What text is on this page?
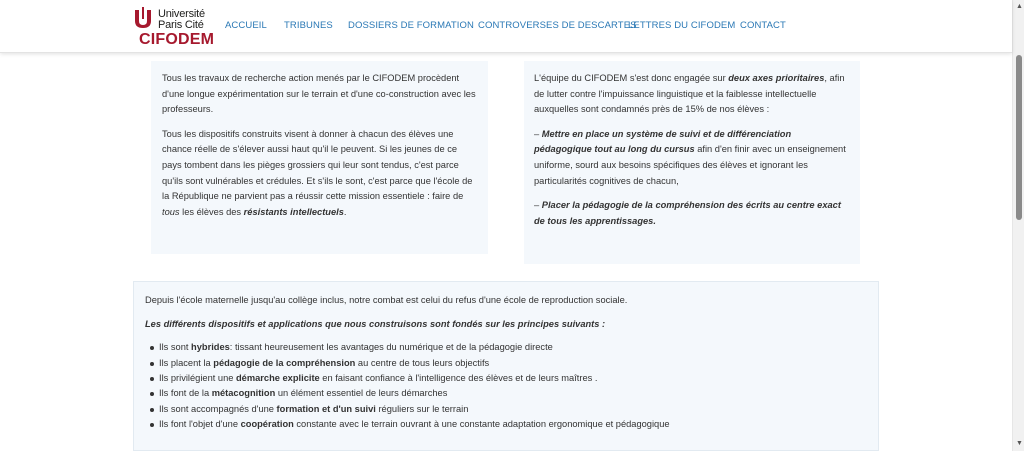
Université
Paris Cité
CIFODEM
ACCUEIL TRIBUNES DOSSIERS DE FORMATION CONTROVERSES DE DESCARTES
LETTRES DU CIFODEM CONTACT

Tous les travaux de recherche action menés par le CIFODEM procèdent d'une longue expérimentation sur le terrain et d'une co-construction avec les professeurs.

Tous les dispositifs construits visent à donner à chacun des élèves une chance réelle de s'élever aussi haut qu'il le peuvent. Si les jeunes de ce pays tombent dans les pièges grossiers qui leur sont tendus, c'est parce qu'ils sont vulnérables et crédules. Et s'ils le sont, c'est parce que l'école de la République ne parvient pas a réussir cette mission essentiele : faire de tous les élèves des résistants intellectuels.

L'équipe du CIFODEM s'est donc engagée sur deux axes prioritaires, afin de lutter contre l'impuissance linguistique et la faiblesse intellectuelle auxquelles sont condamnés près de 15% de nos élèves :

– Mettre en place un système de suivi et de différenciation pédagogique tout au long du cursus afin d'en finir avec un enseignement uniforme, sourd aux besoins spécifiques des élèves et ignorant les particularités cognitives de chacun,

– Placer la pédagogie de la compréhension des écrits au centre exact de tous les apprentissages.

Depuis l'école maternelle jusqu'au collège inclus, notre combat est celui du refus d'une école de reproduction sociale.

Les différents dispositifs et applications que nous construisons sont fondés sur les principes suivants :

Ils sont hybrides: tissant heureusement les avantages du numérique et de la pédagogie directe
Ils placent la pédagogie de la compréhension au centre de tous leurs objectifs
Ils privilégient une démarche explicite en faisant confiance à l'intelligence des élèves et de leurs maîtres .
Ils font de la métacognition un élément essentiel de leurs démarches
Ils sont accompagnés d'une formation et d'un suivi réguliers sur le terrain
Ils font l'objet d'une coopération constante avec le terrain ouvrant à une constante adaptation ergonomique et pédagogique
▲
▼
